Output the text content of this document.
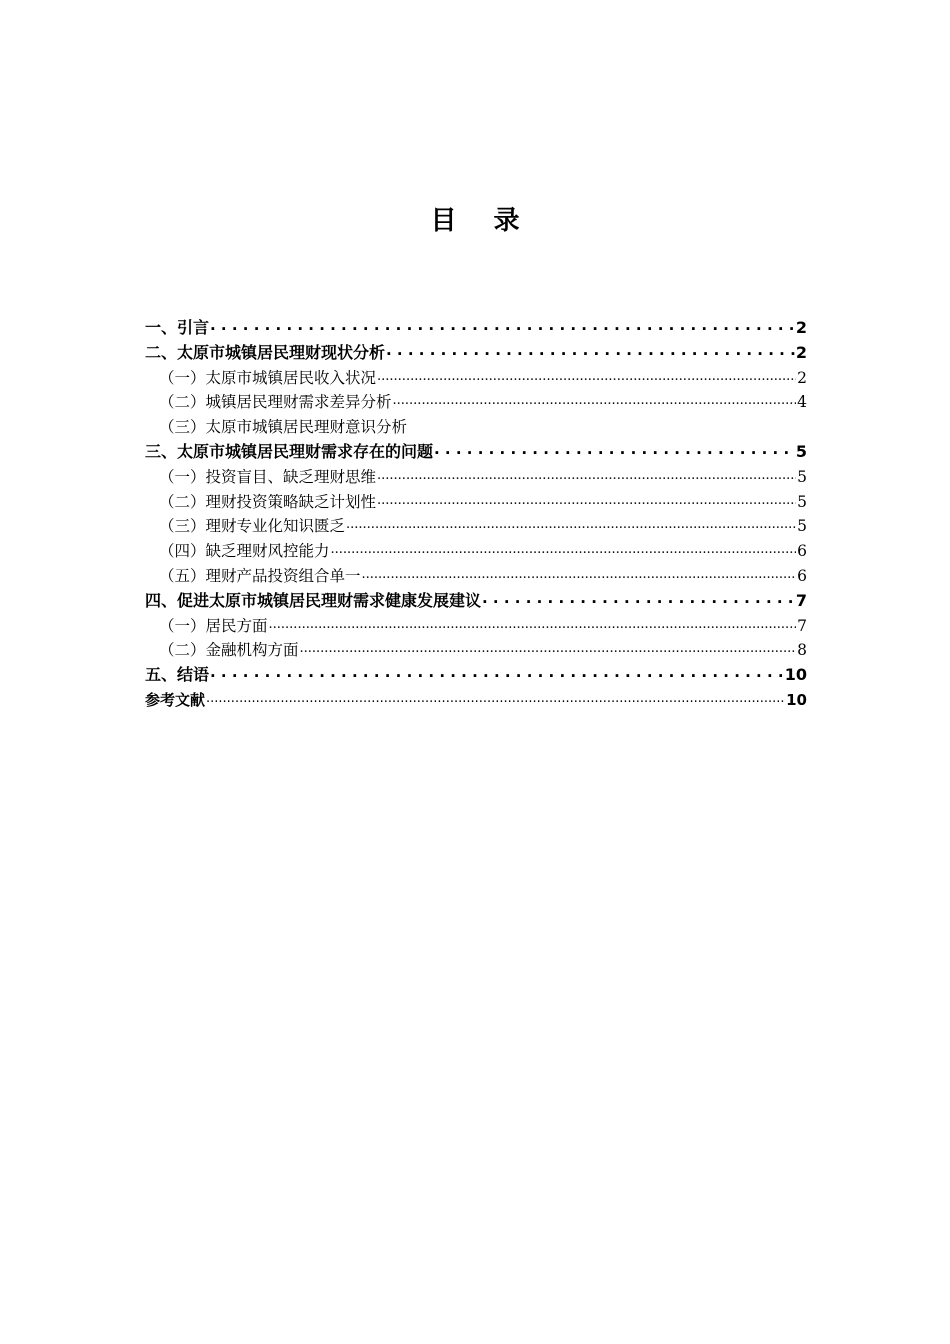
目 录
一、引言 . . .	2
二、太原市城镇居民理财现状分析 . . .	2
（一）太原市城镇居民收入状况 .....	2
（二）城镇居民理财需求差异分析 .....	4
（三）太原市城镇居民理财意识分析
三、太原市城镇居民理财需求存在的问题 . . .	5
（一）投资盲目、缺乏理财思维 .....	5
（二）理财投资策略缺乏计划性 .....	5
（三）理财专业化知识匮乏 .....	5
（四）缺乏理财风控能力 .....	6
（五）理财产品投资组合单一 .....	6
四、促进太原市城镇居民理财需求健康发展建议 . . .	7
（一）居民方面 .....	7
（二）金融机构方面 .....	8
五、结语 . . .	10
参考文献 .....	10
